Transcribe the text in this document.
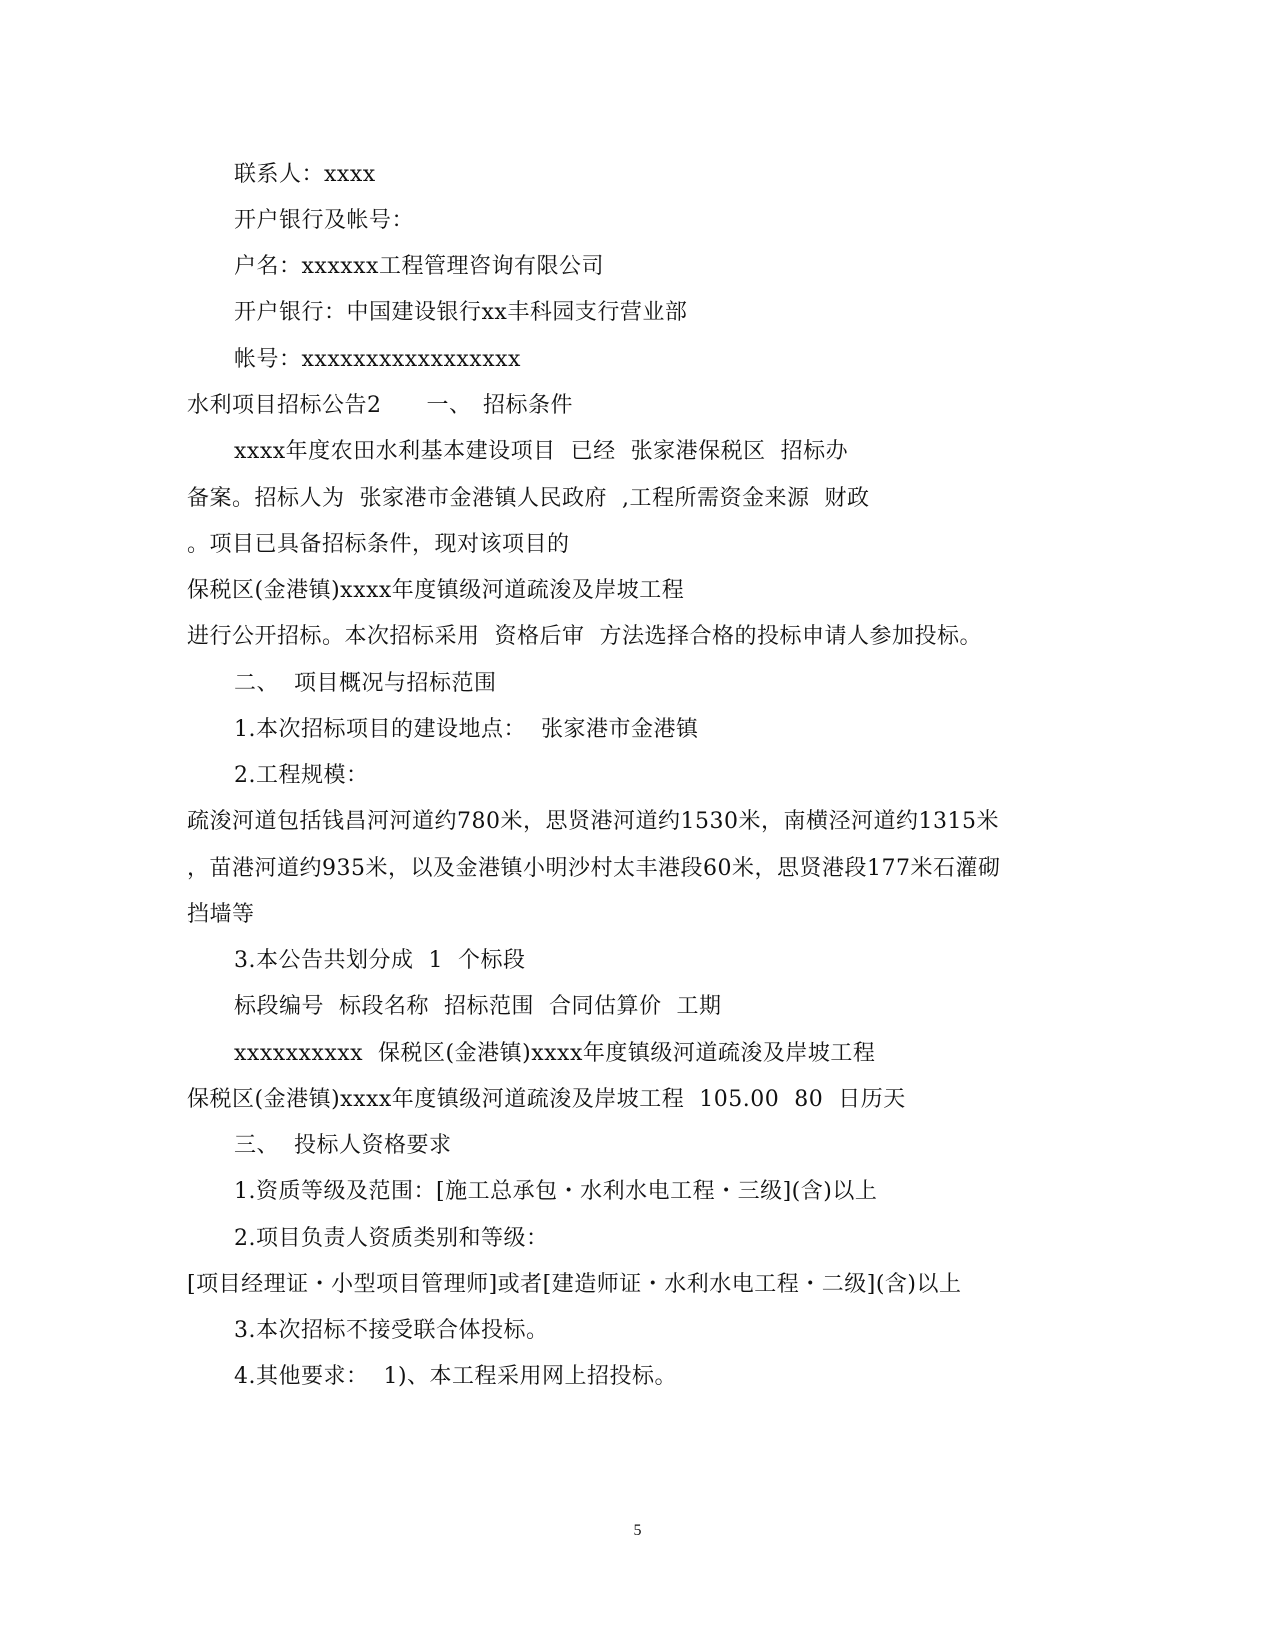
联系人：xxxx
开户银行及帐号：
户名：xxxxxx工程管理咨询有限公司
开户银行：中国建设银行xx丰科园支行营业部
帐号：xxxxxxxxxxxxxxxxx
水利项目招标公告2　　一、　招标条件
xxxx年度农田水利基本建设项目  已经  张家港保税区  招标办
备案。招标人为  张家港市金港镇人民政府  ,工程所需资金来源  财政
。项目已具备招标条件，现对该项目的
保税区(金港镇)xxxx年度镇级河道疏浚及岸坡工程
进行公开招标。本次招标采用  资格后审  方法选择合格的投标申请人参加投标。
二、  项目概况与招标范围
1.本次招标项目的建设地点：  张家港市金港镇
2.工程规模：
疏浚河道包括钱昌河河道约780米，思贤港河道约1530米，南横泾河道约1315米
，苗港河道约935米，以及金港镇小明沙村太丰港段60米，思贤港段177米石灌砌
挡墙等
3.本公告共划分成  1  个标段
标段编号  标段名称  招标范围  合同估算价  工期
xxxxxxxxxx  保税区(金港镇)xxxx年度镇级河道疏浚及岸坡工程
保税区(金港镇)xxxx年度镇级河道疏浚及岸坡工程  105.00  80  日历天
三、  投标人资格要求
1.资质等级及范围：[施工总承包・水利水电工程・三级](含)以上
2.项目负责人资质类别和等级：
[项目经理证・小型项目管理师]或者[建造师证・水利水电工程・二级](含)以上
3.本次招标不接受联合体投标。
4.其他要求：  1)、本工程采用网上招投标。
5
